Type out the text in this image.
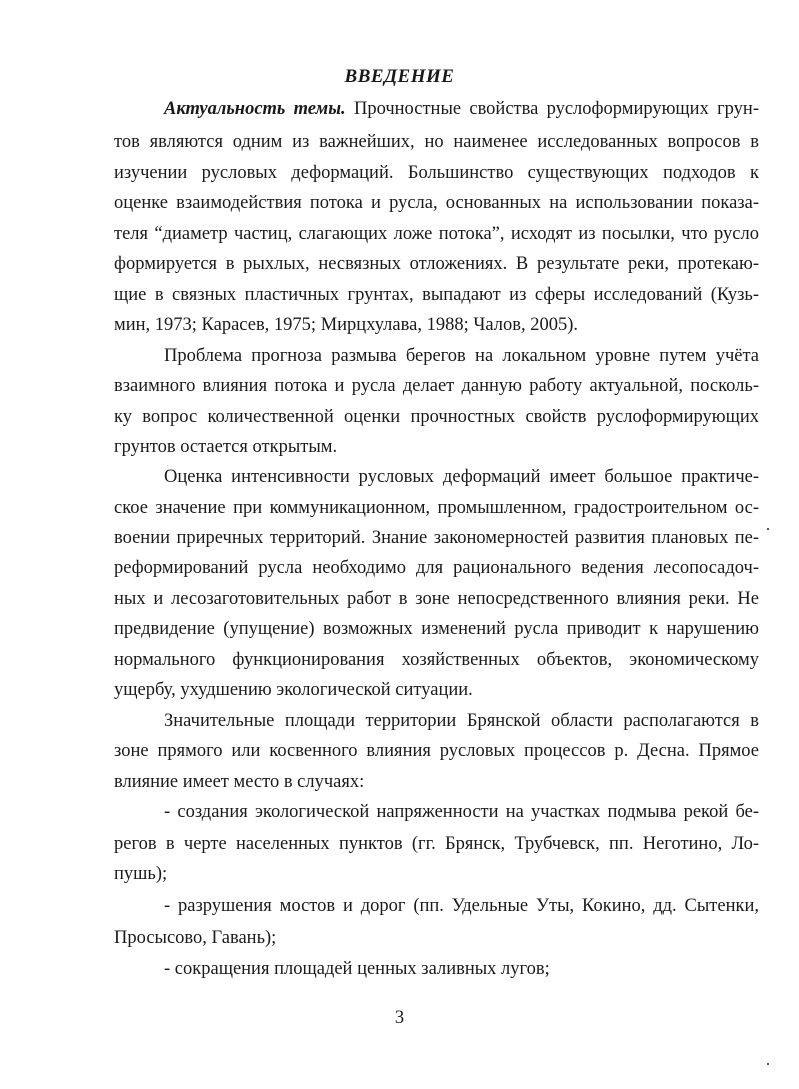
ВВЕДЕНИЕ
Актуальность темы. Прочностные свойства руслоформирующих грун-
тов являются одним из важнейших, но наименее исследованных вопросов в
изучении русловых деформаций. Большинство существующих подходов к
оценке взаимодействия потока и русла, основанных на использовании показа-
теля “диаметр частиц, слагающих ложе потока”, исходят из посылки, что русло
формируется в рыхлых, несвязных отложениях. В результате реки, протекаю-
щие в связных пластичных грунтах, выпадают из сферы исследований (Кузь-
мин, 1973; Карасев, 1975; Мирцхулава, 1988; Чалов, 2005).
Проблема прогноза размыва берегов на локальном уровне путем учёта
взаимного влияния потока и русла делает данную работу актуальной, посколь-
ку вопрос количественной оценки прочностных свойств руслоформирующих
грунтов остается открытым.
Оценка интенсивности русловых деформаций имеет большое практиче-
ское значение при коммуникационном, промышленном, градостроительном ос-
воении приречных территорий. Знание закономерностей развития плановых пе-
реформирований русла необходимо для рационального ведения лесопосадоч-
ных и лесозаготовительных работ в зоне непосредственного влияния реки. Не
предвидение (упущение) возможных изменений русла приводит к нарушению
нормального функционирования хозяйственных объектов, экономическому
ущербу, ухудшению экологической ситуации.
Значительные площади территории Брянской области располагаются в
зоне прямого или косвенного влияния русловых процессов р. Десна. Прямое
влияние имеет место в случаях:
- создания экологической напряженности на участках подмыва рекой бе-
регов в черте населенных пунктов (гг. Брянск, Трубчевск, пп. Неготино, Ло-
пушь);
- разрушения мостов и дорог (пп. Удельные Уты, Кокино, дд. Сытенки,
Просысово, Гавань);
- сокращения площадей ценных заливных лугов;
3
